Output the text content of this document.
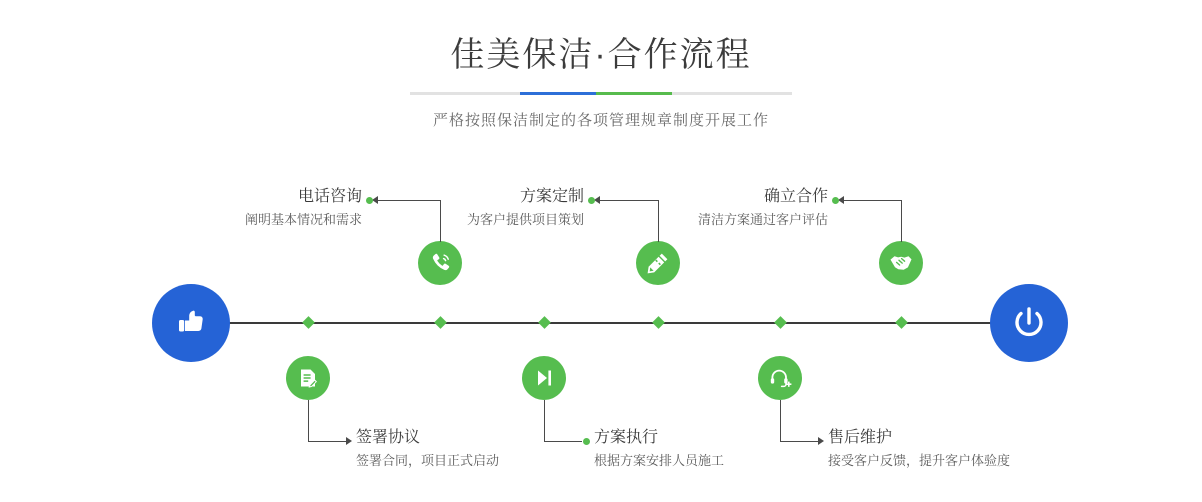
佳美保洁·合作流程

严格按照保洁制定的各项管理规章制度开展工作

电话咨询
阐明基本情况和需求
签署协议
签署合同，项目正式启动
方案定制
为客户提供项目策划
方案执行
根据方案安排人员施工
确立合作
清洁方案通过客户评估
售后维护
接受客户反馈，提升客户体验度
